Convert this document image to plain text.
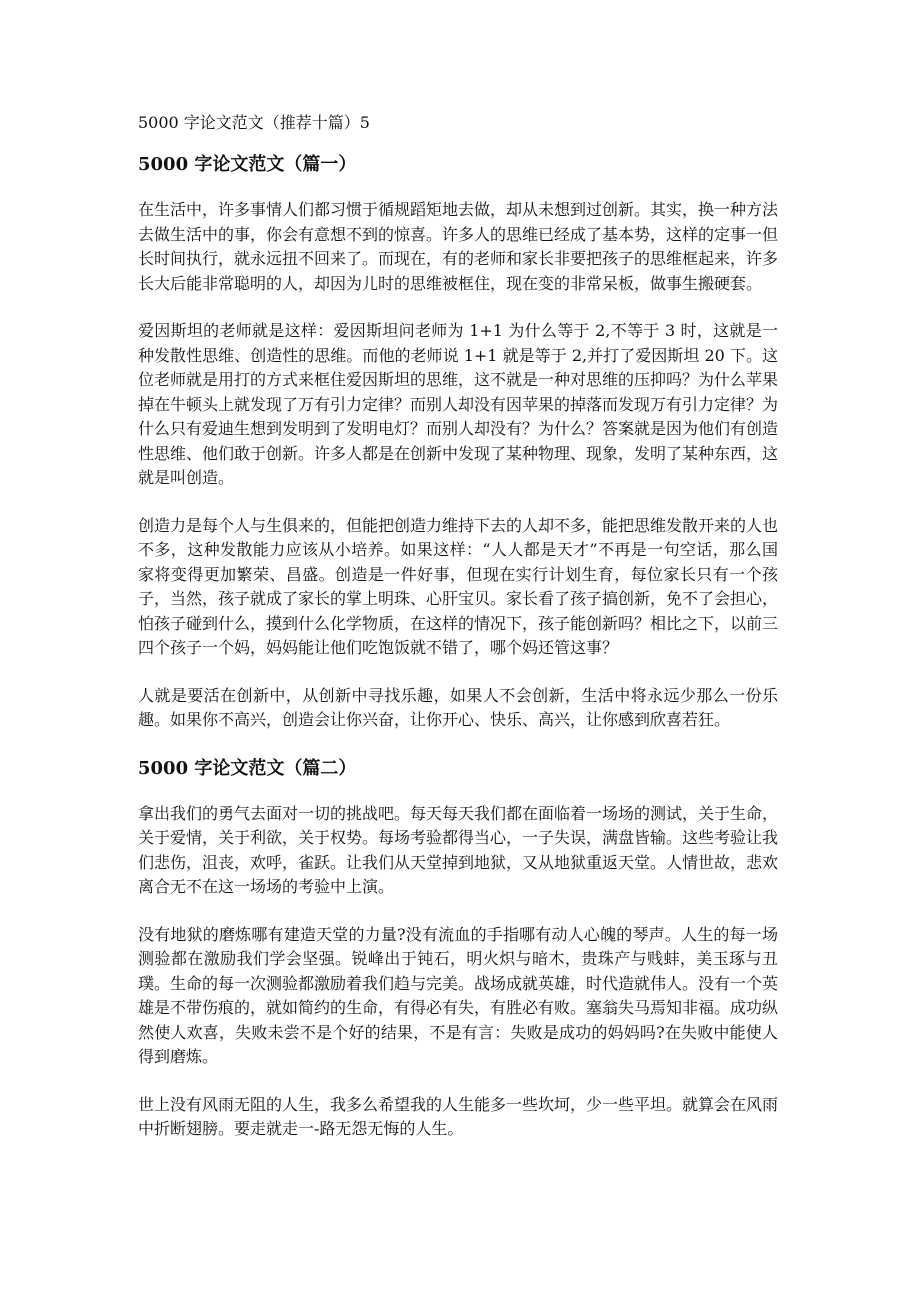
5000 字论文范文（推荐十篇）5
5000 字论文范文（篇一）

在生活中，许多事情人们都习惯于循规蹈矩地去做，却从未想到过创新。其实，换一种方法去做生活中的事，你会有意想不到的惊喜。许多人的思维已经成了基本势，这样的定事一但长时间执行，就永远扭不回来了。而现在，有的老师和家长非要把孩子的思维框起来，许多长大后能非常聪明的人，却因为儿时的思维被框住，现在变的非常呆板，做事生搬硬套。

爱因斯坦的老师就是这样：爱因斯坦问老师为 1+1 为什么等于 2,不等于 3 时，这就是一种发散性思维、创造性的思维。而他的老师说 1+1 就是等于 2,并打了爱因斯坦 20 下。这位老师就是用打的方式来框住爱因斯坦的思维，这不就是一种对思维的压抑吗？为什么苹果掉在牛顿头上就发现了万有引力定律？而别人却没有因苹果的掉落而发现万有引力定律？为什么只有爱迪生想到发明到了发明电灯？而别人却没有？为什么？答案就是因为他们有创造性思维、他们敢于创新。许多人都是在创新中发现了某种物理、现象，发明了某种东西，这就是叫创造。

创造力是每个人与生俱来的，但能把创造力维持下去的人却不多，能把思维发散开来的人也不多，这种发散能力应该从小培养。如果这样：“人人都是天才”不再是一句空话，那么国家将变得更加繁荣、昌盛。创造是一件好事，但现在实行计划生育，每位家长只有一个孩子，当然，孩子就成了家长的掌上明珠、心肝宝贝。家长看了孩子搞创新，免不了会担心，怕孩子碰到什么，摸到什么化学物质，在这样的情况下，孩子能创新吗？相比之下，以前三四个孩子一个妈，妈妈能让他们吃饱饭就不错了，哪个妈还管这事？

人就是要活在创新中，从创新中寻找乐趣，如果人不会创新，生活中将永远少那么一份乐趣。如果你不高兴，创造会让你兴奋，让你开心、快乐、高兴，让你感到欣喜若狂。

5000 字论文范文（篇二）

拿出我们的勇气去面对一切的挑战吧。每天每天我们都在面临着一场场的测试，关于生命，关于爱情，关于利欲，关于权势。每场考验都得当心，一子失误，满盘皆输。这些考验让我们悲伤，沮丧，欢呼，雀跃。让我们从天堂掉到地狱，又从地狱重返天堂。人情世故，悲欢离合无不在这一场场的考验中上演。

没有地狱的磨炼哪有建造天堂的力量?没有流血的手指哪有动人心魄的琴声。人生的每一场测验都在激励我们学会坚强。锐峰出于钝石，明火炽与暗木，贵珠产与贱蚌，美玉琢与丑璞。生命的每一次测验都激励着我们趋与完美。战场成就英雄，时代造就伟人。没有一个英雄是不带伤痕的，就如简约的生命，有得必有失，有胜必有败。塞翁失马焉知非福。成功纵然使人欢喜，失败未尝不是个好的结果，不是有言：失败是成功的妈妈吗?在失败中能使人得到磨炼。

世上没有风雨无阻的人生，我多么希望我的人生能多一些坎坷，少一些平坦。就算会在风雨中折断翅膀。要走就走一-路无怨无悔的人生。
